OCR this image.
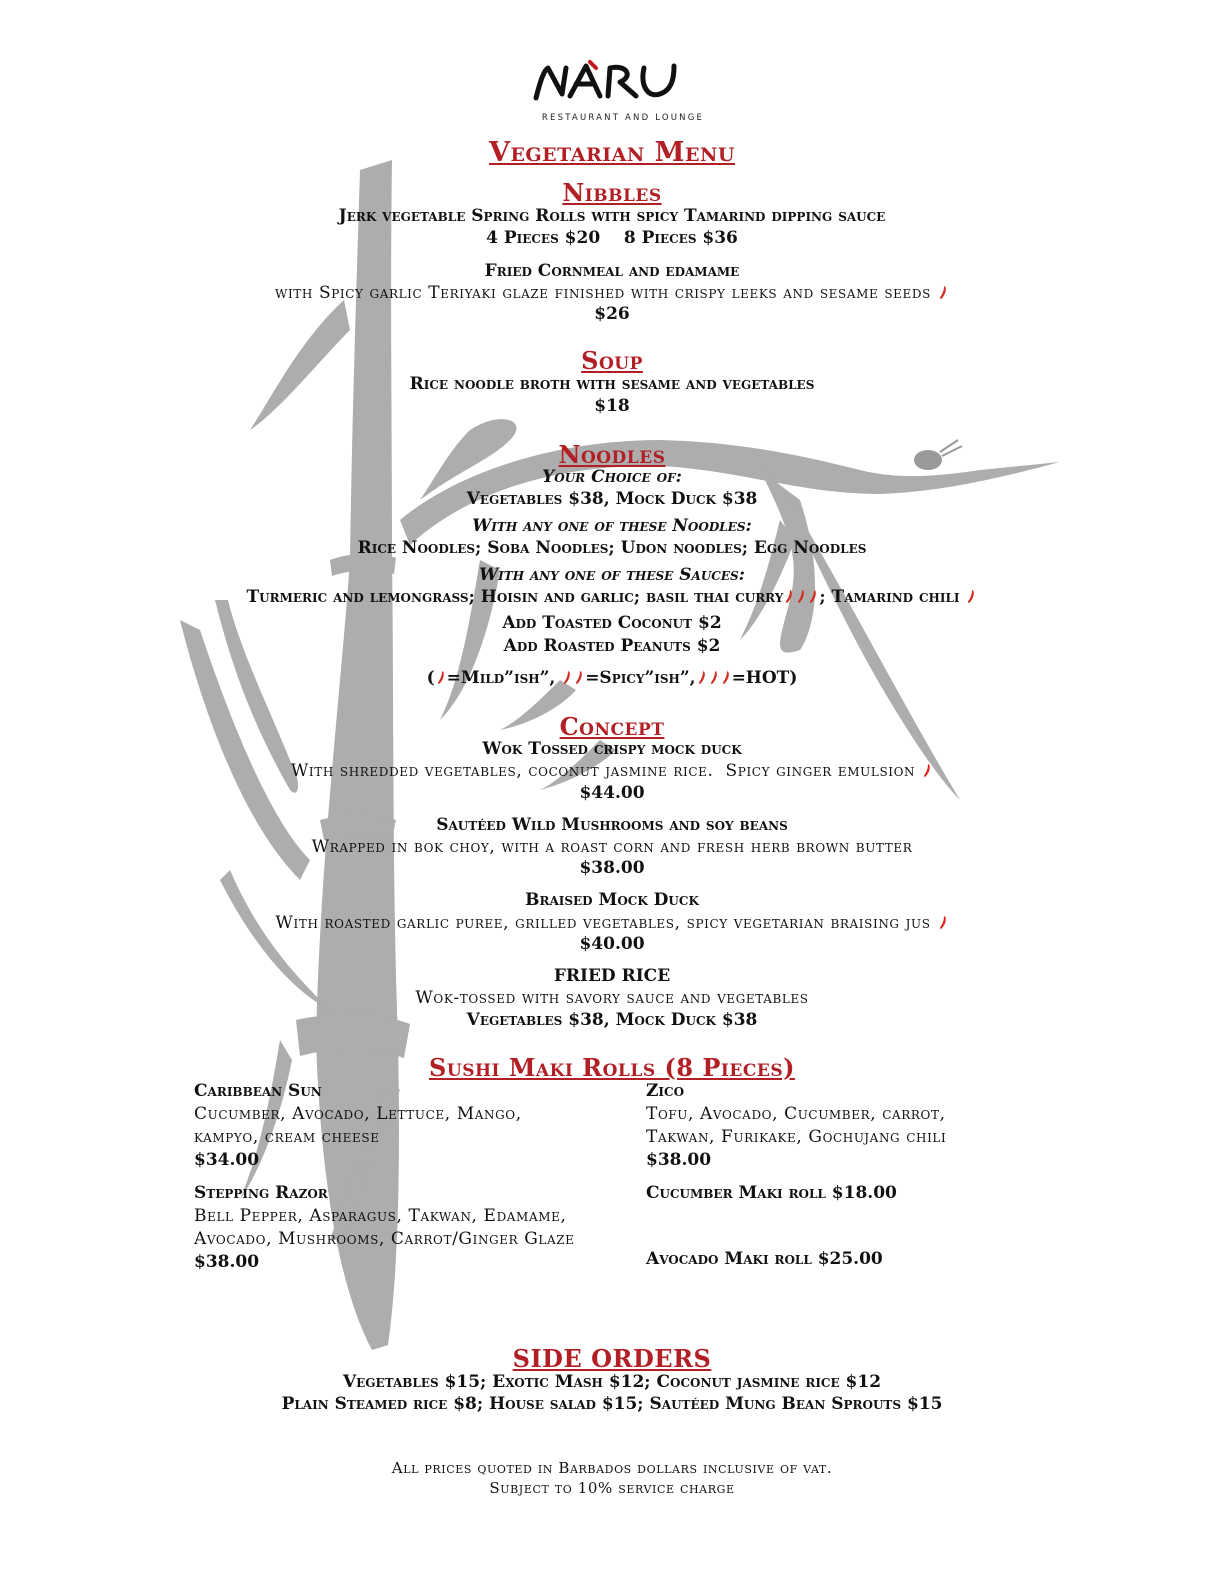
RESTAURANT AND LOUNGE
Vegetarian Menu
Nibbles
Jerk vegetable Spring Rolls with spicy Tamarind dipping sauce
4 Pieces $20    8 Pieces $36
Fried Cornmeal and edamame
with Spicy garlic Teriyaki glaze finished with crispy leeks and sesame seeds
$26
Soup
Rice noodle broth with sesame and vegetables
$18
Noodles
Your Choice of:
Vegetables $38, Mock Duck $38
With any one of these Noodles:
Rice Noodles; Soba Noodles; Udon noodles; Egg Noodles
With any one of these Sauces:
Turmeric and lemongrass; Hoisin and garlic; basil thai curry ; Tamarind chili
Add Toasted Coconut $2
Add Roasted Peanuts $2
( =Mild”ish”, =Spicy”ish”, =HOT)
Concept
Wok Tossed crispy mock duck
With shredded vegetables, coconut jasmine rice.  Spicy ginger emulsion
$44.00
Sautéed Wild Mushrooms and soy beans
Wrapped in bok choy, with a roast corn and fresh herb brown butter
$38.00
Braised Mock Duck
With roasted garlic puree, grilled vegetables, spicy vegetarian braising jus
$40.00
FRIED RICE
Wok-tossed with savory sauce and vegetables
Vegetables $38, Mock Duck $38
Sushi Maki Rolls (8 Pieces)
Caribbean Sun
Cucumber, Avocado, Lettuce, Mango,
kampyo, cream cheese
$34.00
Zico
Tofu, Avocado, Cucumber, carrot,
Takwan, Furikake, Gochujang chili
$38.00
Stepping Razor
Bell Pepper, Asparagus, Takwan, Edamame,
Avocado, Mushrooms, Carrot/Ginger Glaze
$38.00
Cucumber Maki roll $18.00
Avocado Maki roll $25.00
SIDE ORDERS
Vegetables $15; Exotic Mash $12; Coconut jasmine rice $12
Plain Steamed rice $8; House salad $15; Sautéed Mung Bean Sprouts $15
All prices quoted in Barbados dollars inclusive of vat.
Subject to 10% service charge
